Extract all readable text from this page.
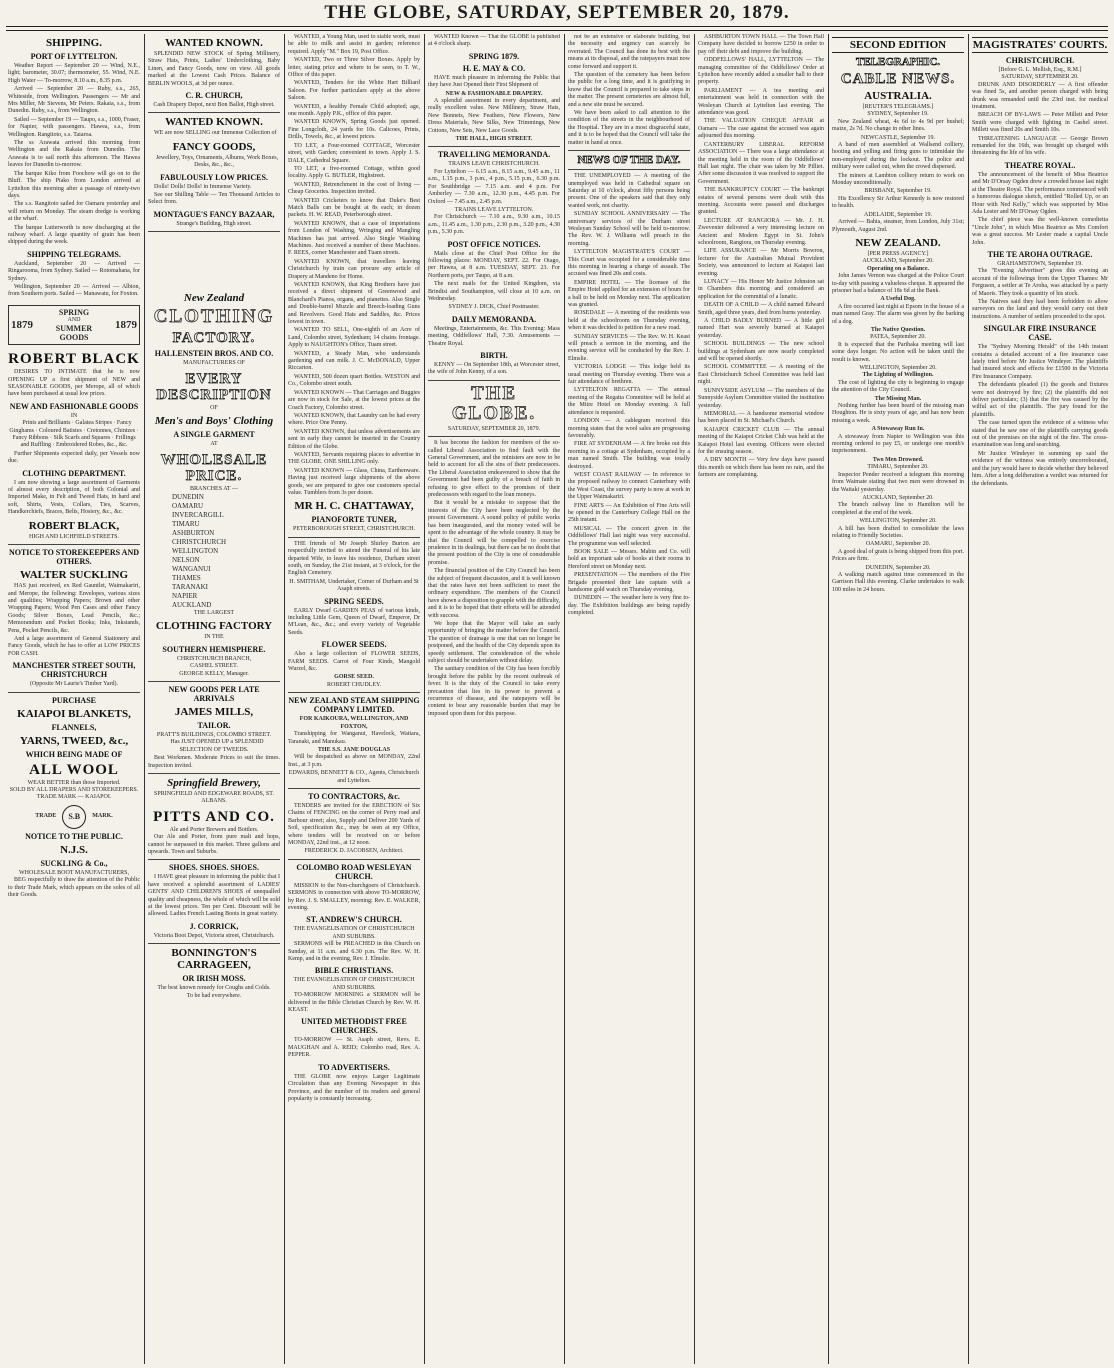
THE GLOBE, SATURDAY, SEPTEMBER 20, 1879.
SHIPPING.
PORT OF LYTTELTON.

Weather Report — September 20 — Wind, N.E., light; barometer, 30.07; thermometer, 55. Wind, N.E. High Water — To-morrow, 8.10 a.m., 8.35 p.m.

Arrived — September 20 — Ruby, s.s., 265, Whiteside, from Wellington. Passengers — Mr and Mrs Miller, Mr Stevens, Mr Peters. Rakaia, s.s., from Dunedin. Ruby, s.s., from Wellington.

Sailed — September 19 — Taupo, s.s., 1000, Fraser, for Napier, with passengers. Hawea, s.s., from Wellington. Rangitoto, s.s. Taiaroa.

The ss Arawata arrived this morning from Wellington and the Rakaia from Dunedin. The Arawata is to sail north this afternoon. The Hawea leaves for Dunedin to-morrow.

The barque Kiko from Foochow will go on to the Bluff. The ship Piako from London arrived at Lyttelton this morning after a passage of ninety-two days.

The s.s. Rangitoto sailed for Oamaru yesterday and will return on Monday. The steam dredge is working at the wharf.

The barque Lutterworth is now discharging at the railway wharf. A large quantity of grain has been shipped during the week.

SHIPPING TELEGRAMS.

Auckland, September 20 — Arrived — Ringarooma, from Sydney. Sailed — Rotomahana, for Sydney.

Wellington, September 20 — Arrived — Albion, from Southern ports. Sailed — Manawatu, for Foxton.

1879
SPRING
AND
SUMMER
GOODS
1879
ROBERT BLACK

DESIRES TO INTIMATE that he is now OPENING UP a first shipment of NEW and SEASONABLE GOODS, per Merope, all of which have been purchased at usual low prices.

NEW AND FASHIONABLE GOODS
IN

Prints and Brilliants · Galatea Stripes · Fancy Ginghams · Coloured Batistes · Cretonnes, Chintzes · Fancy Ribbons · Silk Scarfs and Squares · Frillings and Ruffling · Embroidered Robes, &c., &c.

Further Shipments expected daily, per Vessels now due.

CLOTHING DEPARTMENT.

I am now showing a large assortment of Garments of almost every description, of both Colonial and Imported Make, in Felt and Tweed Hats, in hard and soft, Shirts, Vests, Collars, Ties, Scarves, Handkerchiefs, Braces, Belts, Hosiery, &c., &c.

ROBERT BLACK,
HIGH AND LICHFIELD STREETS.
NOTICE TO STOREKEEPERS AND OTHERS.
WALTER SUCKLING

HAS just received, ex Red Gauntlet, Waimakariri, and Merope, the following: Envelopes, various sizes and qualities; Wrapping Papers; Brown and other Wrapping Papers; Wood Pen Cases and other Fancy Goods; Silver Boxes, Lead Pencils, &c.; Memorandum and Pocket Books; Inks, Inkstands, Pens, Pocket Pencils, &c.

And a large assortment of General Stationery and Fancy Goods, which he has to offer at LOW PRICES FOR CASH.

MANCHESTER STREET SOUTH, CHRISTCHURCH
(Opposite Mr Laurie's Timber Yard).
PURCHASE
KAIAPOI BLANKETS,
FLANNELS,
YARNS, TWEED, &c.,
WHICH BEING MADE OF
ALL WOOL
WEAR BETTER than those Imported.
SOLD BY ALL DRAPERS AND STOREKEEPERS.
TRADE MARK — KAIAPOI.
TRADE	S.B	MARK.
NOTICE TO THE PUBLIC.
N.J.S.
SUCKLING & Co.,
WHOLESALE BOOT MANUFACTURERS,

BEG respectfully to draw the attention of the Public to their Trade Mark, which appears on the soles of all their Goods.

WANTED KNOWN.

SPLENDID NEW STOCK of Spring Millinery, Straw Hats, Prints, Ladies' Underclothing, Baby Linen, and Fancy Goods, now on view. All goods marked at the Lowest Cash Prices. Balance of BERLIN WOOLS, at 3d per ounce.

C. R. CHURCH,
Cash Drapery Depot, next Bon Ballot, High street.
WANTED KNOWN.

WE are now SELLING our Immense Collection of

FANCY GOODS,

Jewellery, Toys, Ornaments, Albums, Work Boxes, Desks, &c., &c.,

FABULOUSLY LOW PRICES.

Dolls! Dolls! Dolls! in Immense Variety.

See our Shilling Table — Ten Thousand Articles to Select from.

MONTAGUE'S FANCY BAZAAR,
Strange's Building, High street.
New Zealand
CLOTHING
FACTORY.
HALLENSTEIN BROS. AND CO.
MANUFACTURERS OF
EVERY DESCRIPTION
OF
Men's and Boys' Clothing
A SINGLE GARMENT
AT
WHOLESALE PRICE.
BRANCHES AT —
DUNEDIN
OAMARU
INVERCARGILL
TIMARU
ASHBURTON
CHRISTCHURCH
WELLINGTON
NELSON
WANGANUI
THAMES
TARANAKI
NAPIER
AUCKLAND
THE LARGEST
CLOTHING FACTORY
IN THE
SOUTHERN HEMISPHERE.
CHRISTCHURCH BRANCH,
CASHEL STREET.
GEORGE KELLY, Manager.
NEW GOODS PER LATE ARRIVALS
JAMES MILLS,
TAILOR.
PRATT'S BUILDINGS, COLOMBO STREET.

Has JUST OPENED UP a SPLENDID SELECTION OF TWEEDS.

Best Workmen. Moderate Prices to suit the times. Inspection invited.

Springfield Brewery,
SPRINGFIELD AND EDGEWARE ROADS, ST. ALBANS.
PITTS AND CO.
Ale and Porter Brewers and Bottlers.

Our Ale and Porter, from pure malt and hops, cannot be surpassed in this market. Three gallons and upwards. Town and Suburbs.

SHOES. SHOES. SHOES.

I HAVE great pleasure in informing the public that I have received a splendid assortment of LADIES' GENTS' AND CHILDREN'S SHOES of unequalled quality and cheapness, the whole of which will be sold at the lowest prices. Ten per Cent. Discount will be allowed. Ladies French Lasting Boots in great variety.

J. CORRICK,
Victoria Boot Depot, Victoria street, Christchurch.
BONNINGTON'S CARRAGEEN,
OR IRISH MOSS.
The best known remedy for Coughs and Colds.
To be had everywhere.

WANTED, a Young Man, used to stable work, must be able to milk and assist in garden; reference required. Apply "M." Box 19, Post Office.

WANTED, Two or Three Silver Boxes. Apply by letter, stating price and where to be seen, to T. W., Office of this paper.

WANTED, Tenders for the White Hart Billiard Saloon. For further particulars apply at the above Saloon.

WANTED, a healthy Female Child adopted; age, one month. Apply P.K., office of this paper.

WANTED KNOWN, Spring Goods just opened. Fine Longcloth, 24 yards for 10s. Calicoes, Prints, Drills, Towels, &c., at lowest prices.

TO LET, a Four-roomed COTTAGE, Worcester street, with Garden; convenient to town. Apply J. S. DALE, Cathedral Square.

TO LET, a five-roomed Cottage, within good locality. Apply G. BUTLER, Highstreet.

WANTED, Retrenchment in the cost of living — Cheap Groceries. Inspection invited.

WANTED Cricketers to know that Duke's Best Match Balls can be bought at 8s each; in dozen packets. H. W. READ, Peterborough street.

WANTED KNOWN, that a case of importations from London of Washing, Wringing and Mangling Machines has just arrived. Also Single Washing Machines. Just received a number of these Machines. F. REES, corner Manchester and Tuam streets.

WANTED KNOWN, that travellers leaving Christchurch by train can procure any article of Drapery at Mandeno for Home.

WANTED KNOWN, that King Brothers have just received a direct shipment of Greenwood and Blanchard's Pianos, organs, and pianettes. Also Single and Double-barrel Muzzle and Breech-loading Guns and Revolvers. Good Hats and Saddles, &c. Prices lowest in town.

WANTED TO SELL, One-eighth of an Acre of Land, Colombo street, Sydenham; 14 chains frontage. Apply to NAUGHTON's Office, Tuam street.

WANTED, a Steady Man, who understands gardening and can milk. J. C. McDONALD, Upper Riccarton.

WANTED, 500 dozen quart Bottles. WESTON and Co., Colombo street south.

WANTED KNOWN — That Carriages and Buggies are now in stock for Sale, at the lowest prices at the Coach Factory, Colombo street.

WANTED KNOWN, that Laundry can be had every where. Price One Penny.

WANTED KNOWN, that unless advertisements are sent in early they cannot be inserted in the Country Edition of the Globe.

WANTED, Servants requiring places to advertise in THE GLOBE. ONE SHILLING only.

WANTED KNOWN — Glass, China, Earthenware. Having just received large shipments of the above goods, we are prepared to give our customers special value. Tumblers from 3s per dozen.

MR H. C. CHATTAWAY,
PIANOFORTE TUNER,
PETERBOROUGH STREET, CHRISTCHURCH.

THE friends of Mr Joseph Shirley Burton are respectfully invited to attend the Funeral of his late departed Wife, to leave his residence, Durham street south, on Sunday, the 21st instant, at 3 o'clock, for the English Cemetery.

H. SMITHAM, Undertaker, Corner of Durham and St Asaph streets.
SPRING SEEDS.

EARLY Dwarf GARDEN PEAS of various kinds, including Little Gem, Queen of Dwarf, Emperor, Dr M'Lean, &c., &c.; and every variety of Vegetable Seeds.

FLOWER SEEDS.

Also a large collection of FLOWER SEEDS, FARM SEEDS. Carrot of Four Kinds, Mangold Wurzel, &c.

GORSE SEED.
ROBERT CHUDLEY.
NEW ZEALAND STEAM SHIPPING COMPANY LIMITED.
FOR KAIKOURA, WELLINGTON, AND FOXTON,

Transhipping for Wanganui, Havelock, Waitara, Taranaki, and Manukau.

THE S.S. JANE DOUGLAS

Will be despatched as above on MONDAY, 22nd Inst., at 3 p.m.

EDWARDS, BENNETT & CO., Agents, Christchurch and Lyttelton.
TO CONTRACTORS, &c.

TENDERS are invited for the ERECTION of Six Chains of FENCING on the corner of Perry road and Barbour street; also, Supply and Deliver 200 Yards of Soil, specification &c., may be seen at my Office, where tenders will be received on or before MONDAY, 22nd inst., at 12 noon.

FREDERICK D. JACOBSEN, Architect.
COLOMBO ROAD WESLEYAN CHURCH.

MISSION to the Non-churchgoers of Christchurch. SERMONS in connection with above TO-MORROW, by Rev. J. S. SMALLEY, morning; Rev. E. WALKER, evening.

ST. ANDREW'S CHURCH.
THE EVANGELISATION OF CHRISTCHURCH AND SUBURBS.

SERMONS will be PREACHED in this Church on Sunday, at 11 a.m. and 6.30 p.m. The Rev. W. H. Kemp, and in the evening, Rev. J. Elmslie.

BIBLE CHRISTIANS.
THE EVANGELISATION OF CHRISTCHURCH AND SUBURBS.

TO-MORROW MORNING a SERMON will be delivered in the Bible Christian Church by Rev. W. H. KEAST.

UNITED METHODIST FREE CHURCHES.

TO-MORROW — St. Asaph street, Revs. E. MAUGHAN and A. REID; Colombo road, Rev. A. PEPPER.

TO ADVERTISERS.

THE GLOBE now enjoys Larger Legitimate Circulation than any Evening Newspaper in this Province, and the number of its readers and general popularity is constantly increasing.

WANTED Known — That the GLOBE is published at 4 o'clock sharp.

SPRING 1879.
H. E. MAY & CO.

HAVE much pleasure in informing the Public that they have Just Opened their First Shipment of

NEW & FASHIONABLE DRAPERY.

A splendid assortment in every department, and really excellent value. New Millinery, Straw Hats, New Bonnets, New Feathers, New Flowers, New Dress Materials, New Silks, New Trimmings, New Cottons, New Sets, New Lace Goods.

THE HALL, HIGH STREET.
TRAVELLING MEMORANDA.
TRAINS LEAVE CHRISTCHURCH.

For Lyttelton — 6.15 a.m., 8.15 a.m., 9.45 a.m., 11 a.m., 1.15 p.m., 3 p.m., 4 p.m., 5.15 p.m., 6.30 p.m. For Southbridge — 7.15 a.m. and 4 p.m. For Amberley — 7.30 a.m., 12.30 p.m., 4.45 p.m. For Oxford — 7.45 a.m., 2.45 p.m.

TRAINS LEAVE LYTTELTON.

For Christchurch — 7.10 a.m., 9.30 a.m., 10.15 a.m., 11.45 a.m., 1.30 p.m., 2.30 p.m., 3.20 p.m., 4.30 p.m., 5.30 p.m.

POST OFFICE NOTICES.

Mails close at the Chief Post Office for the following places: MONDAY, SEPT. 22. For Otago, per Hawea, at 8 a.m. TUESDAY, SEPT. 23. For Northern ports, per Taupo, at 8 a.m.

The next mails for the United Kingdom, via Brindisi and Southampton, will close at 10 a.m. on Wednesday.

SYDNEY J. DICK, Chief Postmaster.
DAILY MEMORANDA.

Meetings, Entertainments, &c. This Evening: Mass meeting, Oddfellows' Hall, 7.30. Amusements — Theatre Royal.

BIRTH.

KENNY — On September 18th, at Worcester street, the wife of John Kenny, of a son.

THE GLOBE.
SATURDAY, SEPTEMBER 20, 1879.

It has become the fashion for members of the so-called Liberal Association to find fault with the General Government, and the ministers are now to be held to account for all the sins of their predecessors. The Liberal Association endeavoured to show that the Government had been guilty of a breach of faith in refusing to give effect to the promises of their predecessors with regard to the loan moneys.

But it would be a mistake to suppose that the interests of the City have been neglected by the present Government. A sound policy of public works has been inaugurated, and the money voted will be spent to the advantage of the whole country. It may be that the Council will be compelled to exercise prudence in its dealings, but there can be no doubt that the present position of the City is one of considerable promise.

The financial position of the City Council has been the subject of frequent discussion, and it is well known that the rates have not been sufficient to meet the ordinary expenditure. The members of the Council have shown a disposition to grapple with the difficulty, and it is to be hoped that their efforts will be attended with success.

We hope that the Mayor will take an early opportunity of bringing the matter before the Council. The question of drainage is one that can no longer be postponed, and the health of the City depends upon its speedy settlement. The consideration of the whole subject should be undertaken without delay.

The sanitary condition of the City has been forcibly brought before the public by the recent outbreak of fever. It is the duty of the Council to take every precaution that lies in its power to prevent a recurrence of disease, and the ratepayers will be content to bear any reasonable burden that may be imposed upon them for this purpose.

not be an extensive or elaborate building, but the necessity and urgency can scarcely be overrated. The Council has done its best with the means at its disposal, and the ratepayers must now come forward and support it.

The question of the cemetery has been before the public for a long time, and it is gratifying to know that the Council is prepared to take steps in the matter. The present cemeteries are almost full, and a new site must be secured.

We have been asked to call attention to the condition of the streets in the neighbourhood of the Hospital. They are in a most disgraceful state, and it is to be hoped that the Council will take the matter in hand at once.

NEWS OF THE DAY.

THE UNEMPLOYED — A meeting of the unemployed was held in Cathedral square on Saturday at 10 o'clock, about fifty persons being present. One of the speakers said that they only wanted work, not charity.

SUNDAY SCHOOL ANNIVERSARY — The anniversary services of the Durham street Wesleyan Sunday School will be held to-morrow. The Rev. W. J. Williams will preach in the morning.

LYTTELTON MAGISTRATE'S COURT — This Court was occupied for a considerable time this morning in hearing a charge of assault. The accused was fined 20s and costs.

EMPIRE HOTEL — The licensee of the Empire Hotel applied for an extension of hours for a ball to be held on Monday next. The application was granted.

ROSEDALE — A meeting of the residents was held at the schoolroom on Thursday evening, when it was decided to petition for a new road.

SUNDAY SERVICES — The Rev. W. H. Keast will preach a sermon in the morning, and the evening service will be conducted by the Rev. J. Elmslie.

VICTORIA LODGE — This lodge held its usual meeting on Thursday evening. There was a fair attendance of brethren.

LYTTELTON REGATTA — The annual meeting of the Regatta Committee will be held at the Mitre Hotel on Monday evening. A full attendance is requested.

LONDON — A cablegram received this morning states that the wool sales are progressing favourably.

FIRE AT SYDENHAM — A fire broke out this morning in a cottage at Sydenham, occupied by a man named Smith. The building was totally destroyed.

WEST COAST RAILWAY — In reference to the proposed railway to connect Canterbury with the West Coast, the survey party is now at work in the Upper Waimakariri.

FINE ARTS — An Exhibition of Fine Arts will be opened in the Canterbury College Hall on the 25th instant.

MUSICAL — The concert given in the Oddfellows' Hall last night was very successful. The programme was well selected.

BOOK SALE — Messrs. Mabin and Co. will hold an important sale of books at their rooms in Hereford street on Monday next.

PRESENTATION — The members of the Fire Brigade presented their late captain with a handsome gold watch on Thursday evening.

DUNEDIN — The weather here is very fine to-day. The Exhibition buildings are being rapidly completed.

ASHBURTON TOWN HALL — The Town Hall Company have decided to borrow £250 in order to pay off their debt and improve the building.

ODDFELLOWS' HALL, LYTTELTON — The managing committee of the Oddfellows' Order at Lyttelton have recently added a smaller hall to their property.

PARLIAMENT — A tea meeting and entertainment was held in connection with the Wesleyan Church at Lyttelton last evening. The attendance was good.

THE VALUATION CHEQUE AFFAIR at Oamaru — The case against the accused was again adjourned this morning.

CANTERBURY LIBERAL REFORM ASSOCIATION — There was a large attendance at the meeting held in the room of the Oddfellows' Hall last night. The chair was taken by Mr Pilliet. After some discussion it was resolved to support the Government.

THE BANKRUPTCY COURT — The bankrupt estates of several persons were dealt with this morning. Accounts were passed and discharges granted.

LECTURE AT RANGIORA — Mr. J. H. Zwevenier delivered a very interesting lecture on Ancient and Modern Egypt in St. John's schoolroom, Rangiora, on Thursday evening.

LIFE ASSURANCE — Mr Morris Bowron, lecturer for the Australian Mutual Provident Society, was announced to lecture at Kaiapoi last evening.

LUNACY — His Honor Mr Justice Johnston sat in Chambers this morning and considered an application for the committal of a lunatic.

DEATH OF A CHILD — A child named Edward Smith, aged three years, died from burns yesterday.

A CHILD BADLY BURNED — A little girl named Hart was severely burned at Kaiapoi yesterday.

SCHOOL BUILDINGS — The new school buildings at Sydenham are now nearly completed and will be opened shortly.

SCHOOL COMMITTEE — A meeting of the East Christchurch School Committee was held last night.

SUNNYSIDE ASYLUM — The members of the Sunnyside Asylum Committee visited the institution yesterday.

MEMORIAL — A handsome memorial window has been placed in St. Michael's Church.

KAIAPOI CRICKET CLUB — The annual meeting of the Kaiapoi Cricket Club was held at the Kaiapoi Hotel last evening. Officers were elected for the ensuing season.

A DRY MONTH — Very few days have passed this month on which there has been no rain, and the farmers are complaining.

SECOND EDITION
TELEGRAPHIC.
CABLE NEWS.
AUSTRALIA.
[REUTER'S TELEGRAMS.]
SYDNEY, September 19.

New Zealand wheat, 4s 6d to 4s 9d per bushel; maize, 2s 7d. No change in other lines.

NEWCASTLE, September 19.

A band of men assembled at Wallsend colliery, hooting and yelling and firing guns to intimidate the non-employed during the lockout. The police and military were called out, when the crowd dispersed.

The miners at Lambton colliery return to work on Monday unconditionally.

BRISBANE, September 19.

His Excellency Sir Arthur Kennedy is now restored to health.

ADELAIDE, September 19.

Arrived — Bahia, steamer, from London, July 31st; Plymouth, August 2nd.

NEW ZEALAND.
[PER PRESS AGENCY.]
AUCKLAND, September 20.
Operating on a Balance.

John James Vernon was charged at the Police Court to-day with passing a valueless cheque. It appeared the prisoner had a balance of 18s 6d at the Bank.

A Useful Dog.

A fire occurred last night at Epsom in the house of a man named Gray. The alarm was given by the barking of a dog.

The Native Question.
PATEA, September 20.

It is expected that the Parihaka meeting will last some days longer. No action will be taken until the result is known.

WELLINGTON, September 20.
The Lighting of Wellington.

The cost of lighting the city is beginning to engage the attention of the City Council.

The Missing Man.

Nothing further has been heard of the missing man Houghton. He is sixty years of age, and has now been missing a week.

A Stowaway Run In.

A stowaway from Napier to Wellington was this morning ordered to pay £5, or undergo one month's imprisonment.

Two Men Drowned.
TIMARU, September 20.

Inspector Pender received a telegram this morning from Waimate stating that two men were drowned in the Waitaki yesterday.

AUCKLAND, September 20.

The branch railway line to Hamilton will be completed at the end of the week.

WELLINGTON, September 20.

A bill has been drafted to consolidate the laws relating to Friendly Societies.

OAMARU, September 20.

A good deal of grain is being shipped from this port. Prices are firm.

DUNEDIN, September 20.

A walking match against time commenced in the Garrison Hall this evening. Clarke undertakes to walk 100 miles in 24 hours.

MAGISTRATES' COURTS.
CHRISTCHURCH.
[Before G. L. Mellish, Esq., R.M.]
SATURDAY, SEPTEMBER 20.

DRUNK AND DISORDERLY — A first offender was fined 5s, and another person charged with being drunk was remanded until the 23rd inst. for medical treatment.

BREACH OF BY-LAWS — Peter Millett and Peter Smith were charged with fighting in Cashel street. Millett was fined 20s and Smith 10s.

THREATENING LANGUAGE — George Brown remanded for the 16th, was brought up charged with threatening the life of his wife.

THEATRE ROYAL.

The announcement of the benefit of Miss Beatrice and Mr D'Orsay Ogden drew a crowded house last night at the Theatre Royal. The performance commenced with a humorous dialogue sketch, entitled "Rolled Up, or an Hour with Ned Kelly," which was supported by Miss Ada Lester and Mr D'Orsay Ogden.

The chief piece was the well-known comedietta "Uncle John", in which Miss Beatrice as Mrs Comfort was a great success. Mr Lester made a capital Uncle John.

THE TE AROHA OUTRAGE.
GRAHAMSTOWN, September 19.

The "Evening Advertiser" gives this evening an account of the followings from the Upper Thames: Mr Ferguson, a settler at Te Aroha, was attacked by a party of Maoris. They took a quantity of his stock.

The Natives said they had been forbidden to allow surveyors on the land and they would carry out their instructions. A number of settlers proceeded to the spot.

SINGULAR FIRE INSURANCE CASE.

The "Sydney Morning Herald" of the 14th instant contains a detailed account of a fire insurance case lately tried before Mr Justice Windeyer. The plaintiffs had insured stock and effects for £1500 in the Victoria Fire Insurance Company.

The defendants pleaded (1) the goods and fixtures were not destroyed by fire; (2) the plaintiffs did not deliver particulars; (3) that the fire was caused by the wilful act of the plaintiffs. The jury found for the plaintiffs.

The case turned upon the evidence of a witness who stated that he saw one of the plaintiffs carrying goods out of the premises on the night of the fire. The cross-examination was long and searching.

Mr Justice Windeyer in summing up said the evidence of the witness was entirely uncorroborated, and the jury would have to decide whether they believed him. After a long deliberation a verdict was returned for the defendants.
